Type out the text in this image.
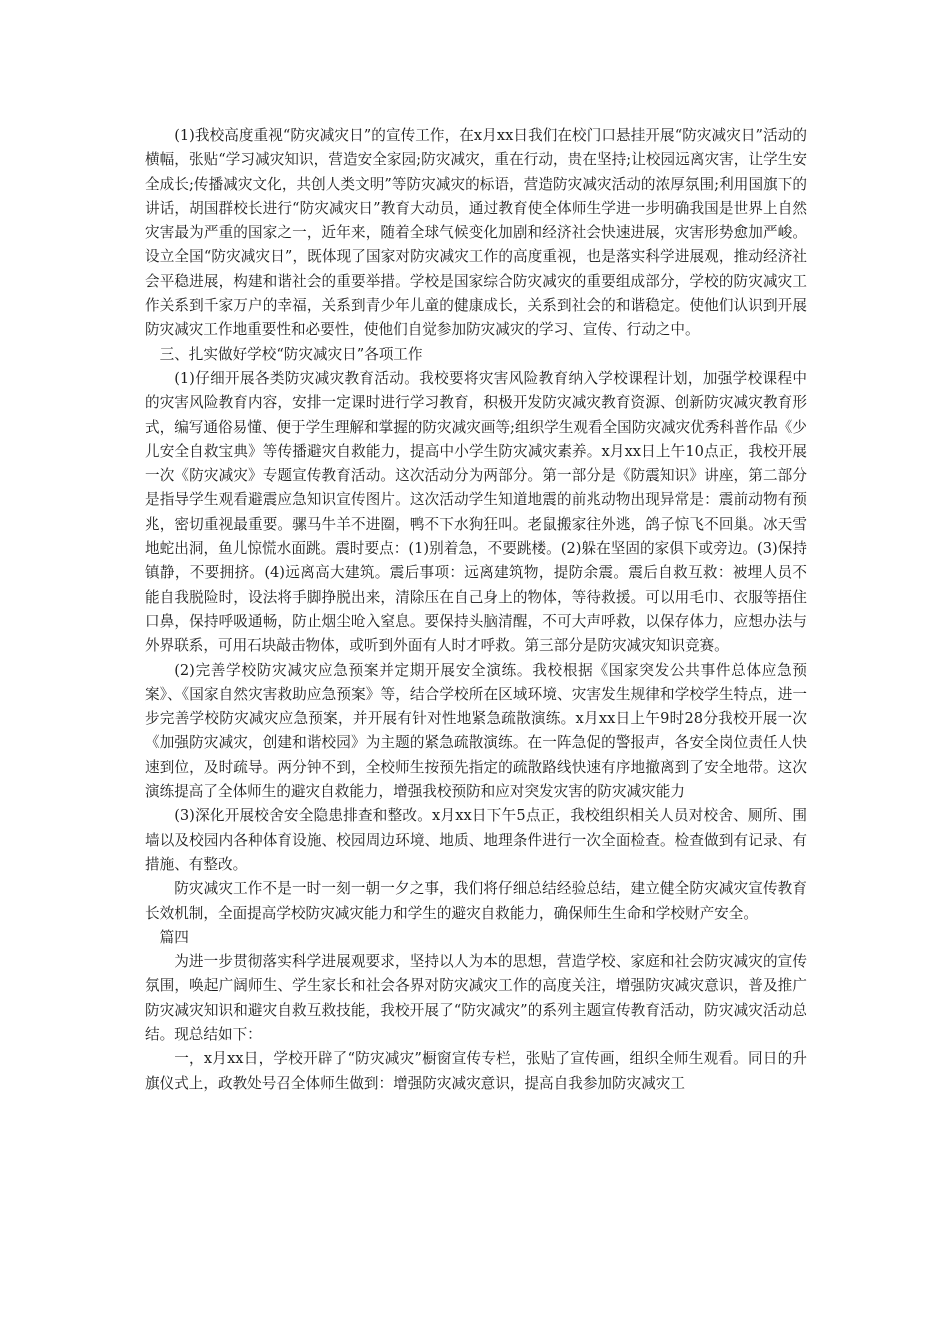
(1)我校高度重视“防灾减灾日”的宣传工作，在x月xx日我们在校门口悬挂开展“防灾减灾日”活动的横幅，张贴“学习减灾知识，营造安全家园;防灾减灾，重在行动，贵在坚持;让校园远离灾害，让学生安全成长;传播减灾文化，共创人类文明”等防灾减灾的标语，营造防灾减灾活动的浓厚氛围;利用国旗下的讲话，胡国群校长进行“防灾减灾日”教育大动员，通过教育使全体师生学进一步明确我国是世界上自然灾害最为严重的国家之一，近年来，随着全球气候变化加剧和经济社会快速进展，灾害形势愈加严峻。设立全国“防灾减灾日”，既体现了国家对防灾减灾工作的高度重视，也是落实科学进展观，推动经济社会平稳进展，构建和谐社会的重要举措。学校是国家综合防灾减灾的重要组成部分，学校的防灾减灾工作关系到千家万户的幸福，关系到青少年儿童的健康成长，关系到社会的和谐稳定。使他们认识到开展防灾减灾工作地重要性和必要性，使他们自觉参加防灾减灾的学习、宣传、行动之中。

三、扎实做好学校“防灾减灾日”各项工作

(1)仔细开展各类防灾减灾教育活动。我校要将灾害风险教育纳入学校课程计划，加强学校课程中的灾害风险教育内容，安排一定课时进行学习教育，积极开发防灾减灾教育资源、创新防灾减灾教育形式，编写通俗易懂、便于学生理解和掌握的防灾减灾画等;组织学生观看全国防灾减灾优秀科普作品《少儿安全自救宝典》等传播避灾自救能力，提高中小学生防灾减灾素养。x月xx日上午10点正，我校开展一次《防灾减灾》专题宣传教育活动。这次活动分为两部分。第一部分是《防震知识》讲座，第二部分是指导学生观看避震应急知识宣传图片。这次活动学生知道地震的前兆动物出现异常是：震前动物有预兆，密切重视最重要。骡马牛羊不进圈，鸭不下水狗狂叫。老鼠搬家往外逃，鸽子惊飞不回巢。冰天雪地蛇出洞，鱼儿惊慌水面跳。震时要点：(1)别着急，不要跳楼。(2)躲在坚固的家俱下或旁边。(3)保持镇静，不要拥挤。(4)远离高大建筑。震后事项：远离建筑物，提防余震。震后自救互救：被埋人员不能自我脱险时，设法将手脚挣脱出来，清除压在自己身上的物体，等待救援。可以用毛巾、衣服等捂住口鼻，保持呼吸通畅，防止烟尘呛入窒息。要保持头脑清醒，不可大声呼救，以保存体力，应想办法与外界联系，可用石块敲击物体，或听到外面有人时才呼救。第三部分是防灾减灾知识竞赛。

(2)完善学校防灾减灾应急预案并定期开展安全演练。我校根据《国家突发公共事件总体应急预案》、《国家自然灾害救助应急预案》等，结合学校所在区域环境、灾害发生规律和学校学生特点，进一步完善学校防灾减灾应急预案，并开展有针对性地紧急疏散演练。x月xx日上午9时28分我校开展一次《加强防灾减灾，创建和谐校园》为主题的紧急疏散演练。在一阵急促的警报声，各安全岗位责任人快速到位，及时疏导。两分钟不到，全校师生按预先指定的疏散路线快速有序地撤离到了安全地带。这次演练提高了全体师生的避灾自救能力，增强我校预防和应对突发灾害的防灾减灾能力

(3)深化开展校舍安全隐患排查和整改。x月xx日下午5点正，我校组织相关人员对校舍、厕所、围墙以及校园内各种体育设施、校园周边环境、地质、地理条件进行一次全面检查。检查做到有记录、有措施、有整改。

防灾减灾工作不是一时一刻一朝一夕之事，我们将仔细总结经验总结，建立健全防灾减灾宣传教育长效机制，全面提高学校防灾减灾能力和学生的避灾自救能力，确保师生生命和学校财产安全。

篇四

为进一步贯彻落实科学进展观要求，坚持以人为本的思想，营造学校、家庭和社会防灾减灾的宣传氛围，唤起广阔师生、学生家长和社会各界对防灾减灾工作的高度关注，增强防灾减灾意识，普及推广防灾减灾知识和避灾自救互救技能，我校开展了“防灾减灾”的系列主题宣传教育活动，防灾减灾活动总结。现总结如下：

一，x月xx日，学校开辟了“防灾减灾”橱窗宣传专栏，张贴了宣传画，组织全师生观看。同日的升旗仪式上，政教处号召全体师生做到：增强防灾减灾意识，提高自我参加防灾减灾工
